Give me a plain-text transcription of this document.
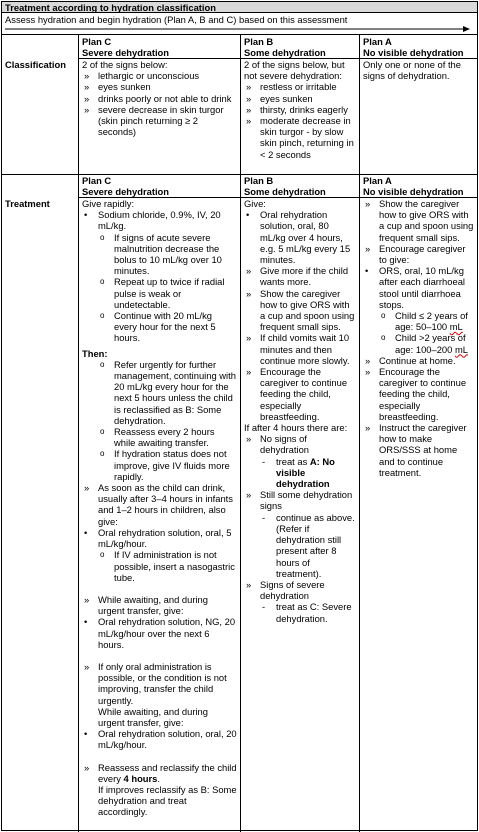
Treatment according to hydration classification
Assess hydration and begin hydration (Plan A, B and C) based on this assessment
Plan C
Severe dehydration
Plan B
Some dehydration
Plan A
No visible dehydration
Classification	2 of the signs below:
» lethargic or unconscious
» eyes sunken
» drinks poorly or not able to drink
» severe decrease in skin turgor (skin pinch returning ≥ 2 seconds)
2 of the signs below, but not severe dehydration:
» restless or irritable
» eyes sunken
» thirsty, drinks eagerly
» moderate decrease in skin turgor - by slow skin pinch, returning in < 2 seconds
Only one or none of the signs of dehydration.
Plan C
Severe dehydration
Plan B
Some dehydration
Plan A
No visible dehydration
Treatment	Give rapidly:
• Sodium chloride, 0.9%, IV, 20 mL/kg.
o If signs of acute severe malnutrition decrease the bolus to 10 mL/kg over 10 minutes.
o Repeat up to twice if radial pulse is weak or undetectable.
o Continue with 20 mL/kg every hour for the next 5 hours.
Then:
o Refer urgently for further management, continuing with 20 mL/kg every hour for the next 5 hours unless the child is reclassified as B: Some dehydration.
o Reassess every 2 hours while awaiting transfer.
o If hydration status does not improve, give IV fluids more rapidly.
» As soon as the child can drink, usually after 3–4 hours in infants and 1–2 hours in children, also give:
• Oral rehydration solution, oral, 5 mL/kg/hour.
o If IV administration is not possible, insert a nasogastric tube.
» While awaiting, and during urgent transfer, give:
• Oral rehydration solution, NG, 20 mL/kg/hour over the next 6 hours.
» If only oral administration is possible, or the condition is not improving, transfer the child urgently.
While awaiting, and during urgent transfer, give:
• Oral rehydration solution, oral, 20 mL/kg/hour.
» Reassess and reclassify the child every 4 hours.
If improves reclassify as B: Some dehydration and treat accordingly.
Give:
• Oral rehydration solution, oral, 80 mL/kg over 4 hours, e.g. 5 mL/kg every 15 minutes.
» Give more if the child wants more.
» Show the caregiver how to give ORS with a cup and spoon using frequent small sips.
» If child vomits wait 10 minutes and then continue more slowly.
» Encourage the caregiver to continue feeding the child, especially breastfeeding.
If after 4 hours there are:
» No signs of dehydration
- treat as A: No visible dehydration
» Still some dehydration signs
- continue as above. (Refer if dehydration still present after 8 hours of treatment).
» Signs of severe dehydration
- treat as C: Severe dehydration.
» Show the caregiver how to give ORS with a cup and spoon using frequent small sips.
» Encourage caregiver to give:
• ORS, oral, 10 mL/kg after each diarrhoeal stool until diarrhoea stops.
o Child ≤ 2 years of age: 50–100 mL
o Child >2 years of age: 100–200 mL
» Continue at home.
» Encourage the caregiver to continue feeding the child, especially breastfeeding.
» Instruct the caregiver how to make ORS/SSS at home and to continue treatment.
